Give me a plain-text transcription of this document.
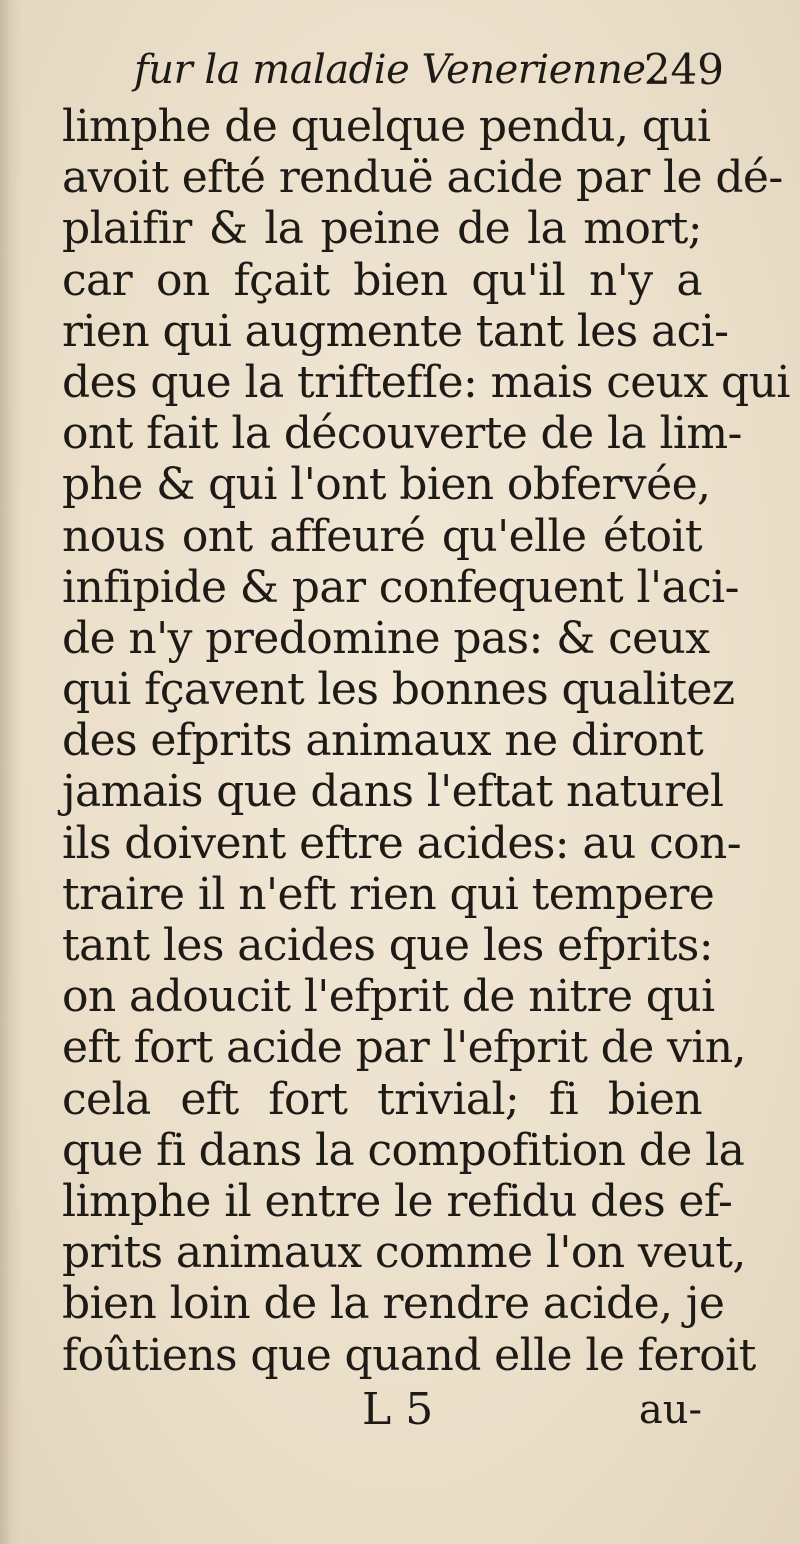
fur la maladie Venerienne.
249
limphe de quelque pendu, qui
avoit efté renduë acide par le dé-
plaifir & la peine de la mort;
car on fçait bien qu'il n'y a
rien qui augmente tant les aci-
des que la triftefſe: mais ceux qui
ont fait la découverte de la lim-
phe & qui l'ont bien obfervée,
nous ont affeuré qu'elle étoit
infipide & par confequent l'aci-
de n'y predomine pas: & ceux
qui fçavent les bonnes qualitez
des efprits animaux ne diront
jamais que dans l'eftat naturel
ils doivent eftre acides: au con-
traire il n'eft rien qui tempere
tant les acides que les efprits:
on adoucit l'efprit de nitre qui
eft fort acide par l'efprit de vin,
cela eft fort trivial; fi bien
que fi dans la compofition de la
limphe il entre le refidu des ef-
prits animaux comme l'on veut,
bien loin de la rendre acide, je
foûtiens que quand elle le feroit
L 5	au-
